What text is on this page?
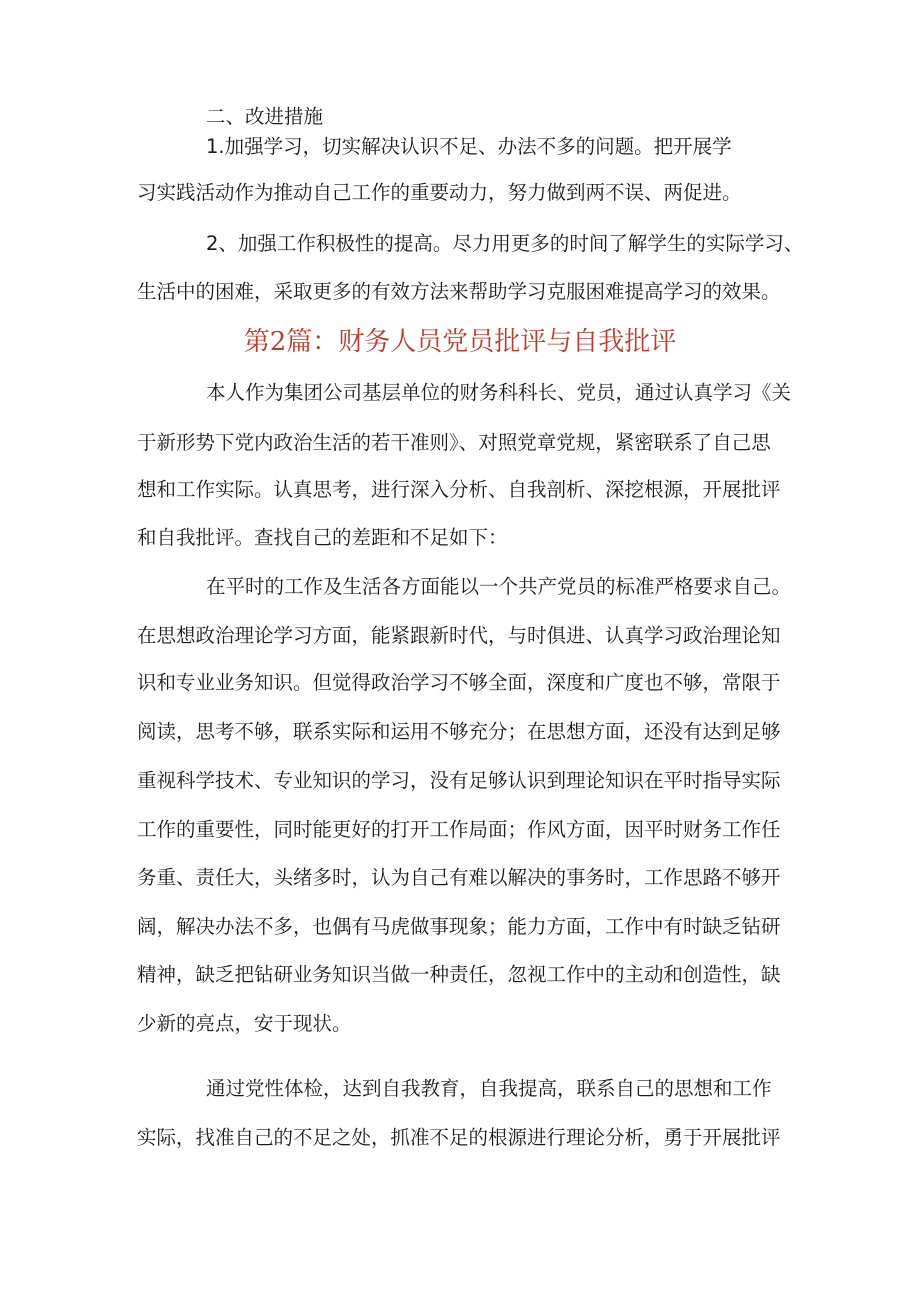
二、改进措施
1.加强学习，切实解决认识不足、办法不多的问题。把开展学
习实践活动作为推动自己工作的重要动力，努力做到两不误、两促进。
2、加强工作积极性的提高。尽力用更多的时间了解学生的实际学习、
生活中的困难，采取更多的有效方法来帮助学习克服困难提高学习的效果。
第2篇：财务人员党员批评与自我批评
本人作为集团公司基层单位的财务科科长、党员，通过认真学习《关
于新形势下党内政治生活的若干准则》、对照党章党规，紧密联系了自己思
想和工作实际。认真思考，进行深入分析、自我剖析、深挖根源，开展批评
和自我批评。查找自己的差距和不足如下：
在平时的工作及生活各方面能以一个共产党员的标准严格要求自己。
在思想政治理论学习方面，能紧跟新时代，与时俱进、认真学习政治理论知
识和专业业务知识。但觉得政治学习不够全面，深度和广度也不够，常限于
阅读，思考不够，联系实际和运用不够充分；在思想方面，还没有达到足够
重视科学技术、专业知识的学习，没有足够认识到理论知识在平时指导实际
工作的重要性，同时能更好的打开工作局面；作风方面，因平时财务工作任
务重、责任大，头绪多时，认为自己有难以解决的事务时，工作思路不够开
阔，解决办法不多，也偶有马虎做事现象；能力方面，工作中有时缺乏钻研
精神，缺乏把钻研业务知识当做一种责任，忽视工作中的主动和创造性，缺
少新的亮点，安于现状。
通过党性体检，达到自我教育，自我提高，联系自己的思想和工作
实际，找准自己的不足之处，抓准不足的根源进行理论分析，勇于开展批评
